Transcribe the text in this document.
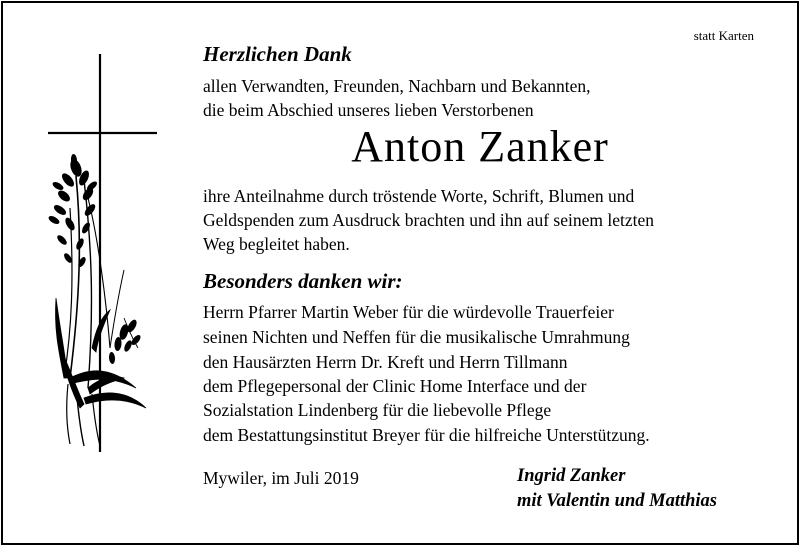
statt Karten
Herzlichen Dank
allen Verwandten, Freunden, Nachbarn und Bekannten,
die beim Abschied unseres lieben Verstorbenen
Anton Zanker
ihre Anteilnahme durch tröstende Worte, Schrift, Blumen und
Geldspenden zum Ausdruck brachten und ihn auf seinem letzten
Weg begleitet haben.
Besonders danken wir:
Herrn Pfarrer Martin Weber für die würdevolle Trauerfeier
seinen Nichten und Neffen für die musikalische Umrahmung
den Hausärzten Herrn Dr. Kreft und Herrn Tillmann
dem Pflegepersonal der Clinic Home Interface und der
Sozialstation Lindenberg für die liebevolle Pflege
dem Bestattungsinstitut Breyer für die hilfreiche Unterstützung.
Mywiler, im Juli 2019	Ingrid Zanker
mit Valentin und Matthias
